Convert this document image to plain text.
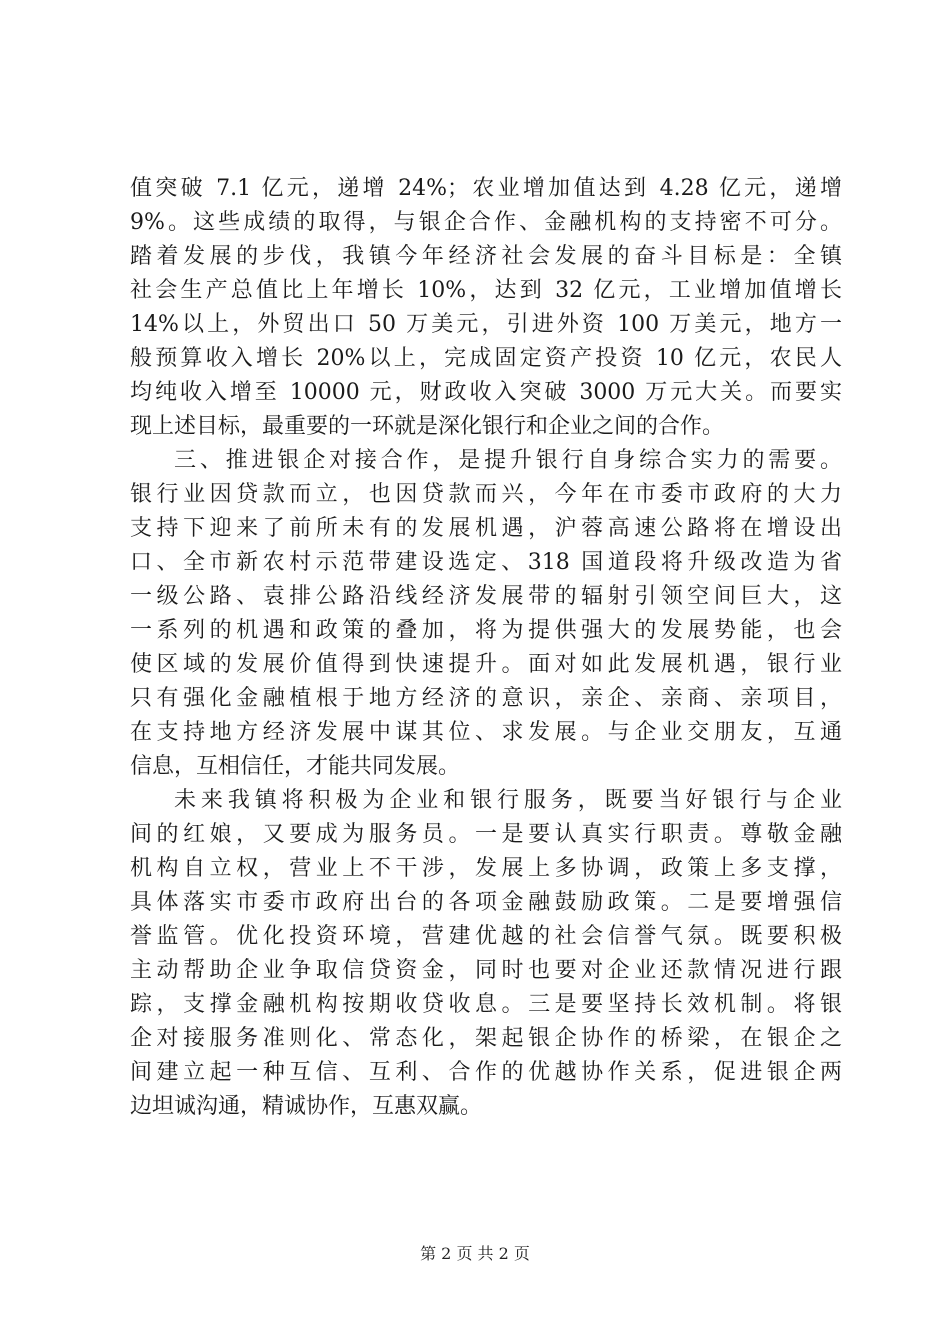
值突破 7.1 亿元，递增 24%；农业增加值达到 4.28 亿元，递增
9%。这些成绩的取得，与银企合作、金融机构的支持密不可分。
踏着发展的步伐，我镇今年经济社会发展的奋斗目标是：全镇
社会生产总值比上年增长 10%，达到 32 亿元，工业增加值增长
14%以上，外贸出口 50 万美元，引进外资 100 万美元，地方一
般预算收入增长 20%以上，完成固定资产投资 10 亿元，农民人
均纯收入增至 10000 元，财政收入突破 3000 万元大关。而要实
现上述目标，最重要的一环就是深化银行和企业之间的合作。
三、推进银企对接合作，是提升银行自身综合实力的需要。
银行业因贷款而立，也因贷款而兴，今年在市委市政府的大力
支持下迎来了前所未有的发展机遇，沪蓉高速公路将在增设出
口、全市新农村示范带建设选定、318 国道段将升级改造为省
一级公路、袁排公路沿线经济发展带的辐射引领空间巨大，这
一系列的机遇和政策的叠加，将为提供强大的发展势能，也会
使区域的发展价值得到快速提升。面对如此发展机遇，银行业
只有强化金融植根于地方经济的意识，亲企、亲商、亲项目，
在支持地方经济发展中谋其位、求发展。与企业交朋友，互通
信息，互相信任，才能共同发展。
未来我镇将积极为企业和银行服务，既要当好银行与企业
间的红娘，又要成为服务员。一是要认真实行职责。尊敬金融
机构自立权，营业上不干涉，发展上多协调，政策上多支撑，
具体落实市委市政府出台的各项金融鼓励政策。二是要增强信
誉监管。优化投资环境，营建优越的社会信誉气氛。既要积极
主动帮助企业争取信贷资金，同时也要对企业还款情况进行跟
踪，支撑金融机构按期收贷收息。三是要坚持长效机制。将银
企对接服务准则化、常态化，架起银企协作的桥梁，在银企之
间建立起一种互信、互利、合作的优越协作关系，促进银企两
边坦诚沟通，精诚协作，互惠双赢。
第 2 页 共 2 页
